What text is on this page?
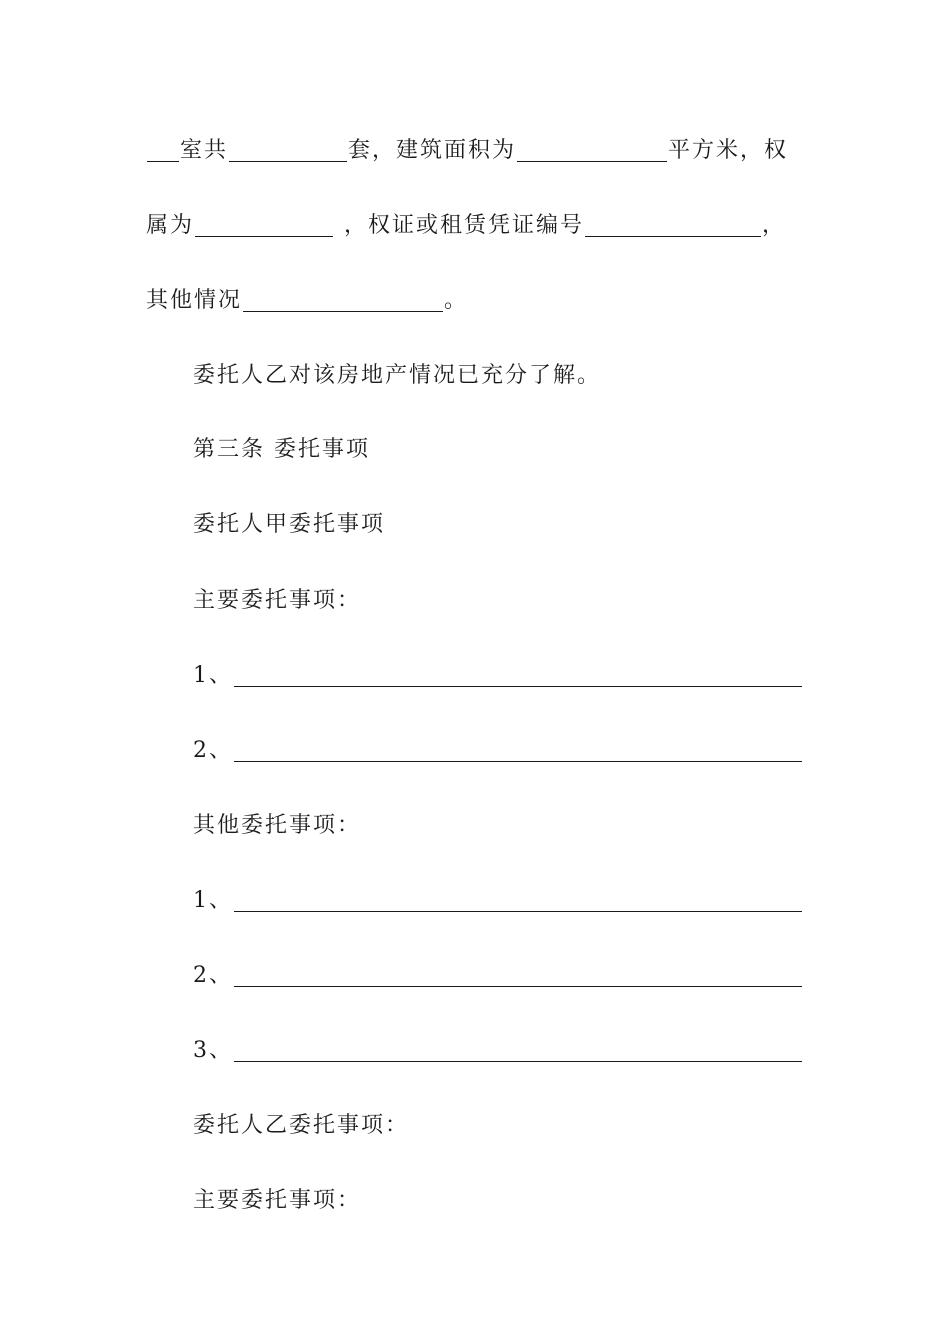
室共	套，建筑面积为	平方米，权
属为	，权证或租赁凭证编号	，
其他情况	。
委托人乙对该房地产情况已充分了解。
第三条 委托事项
委托人甲委托事项
主要委托事项：
1、
2、
其他委托事项：
1、
2、
3、
委托人乙委托事项：
主要委托事项：
